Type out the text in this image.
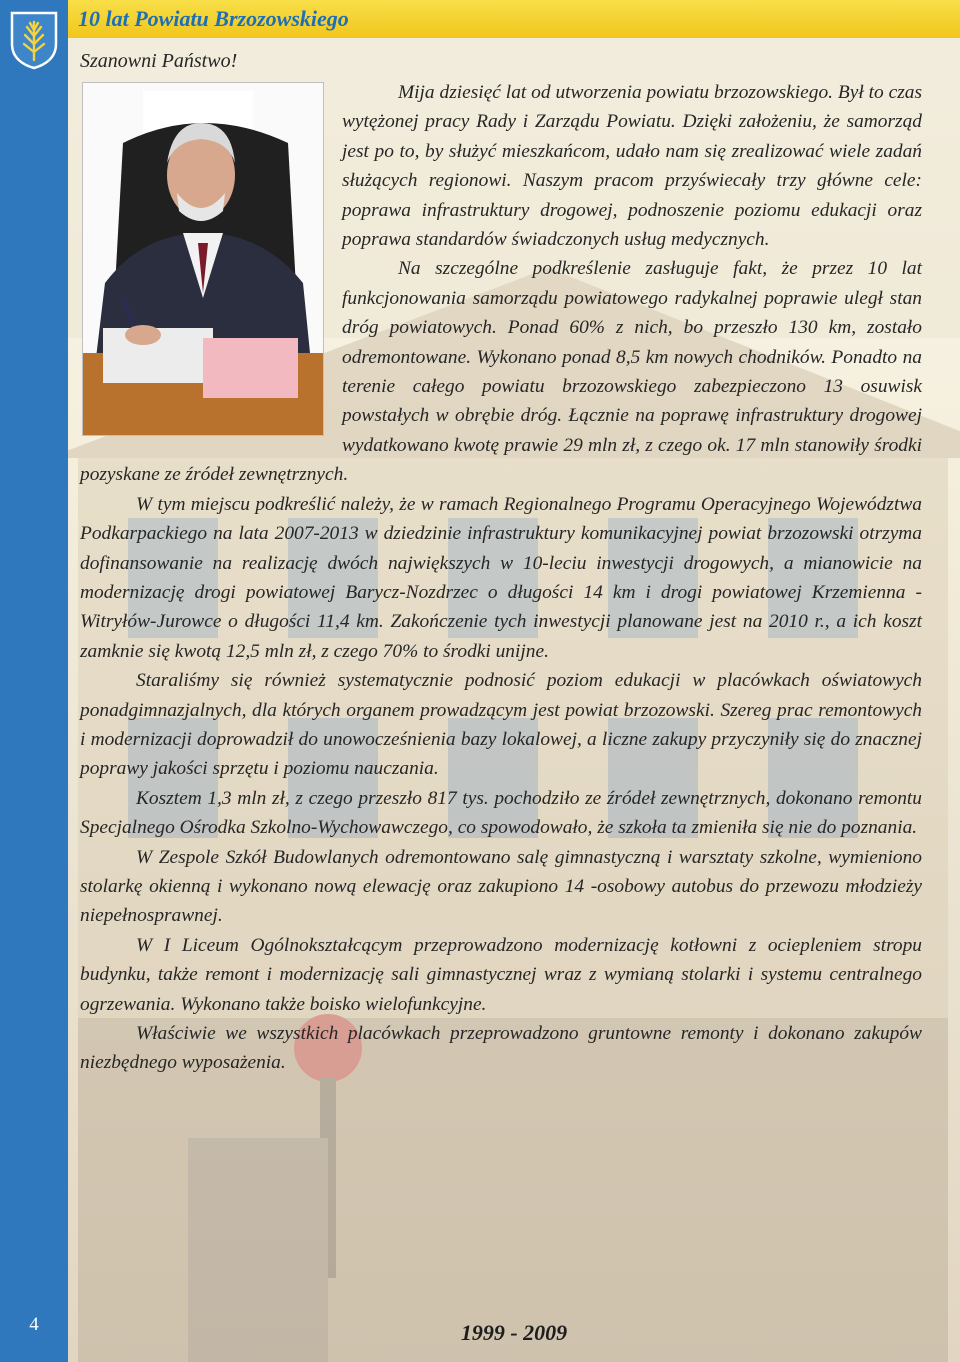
4
10 lat Powiatu Brzozowskiego
Szanowni Państwo!

Mija dziesięć lat od utworzenia powiatu brzozowskiego. Był to czas wytężonej pracy Rady i Zarządu Powiatu. Dzięki założeniu, że samorząd jest po to, by służyć mieszkańcom, udało nam się zrealizować wiele zadań służących regionowi. Naszym pracom przyświecały trzy główne cele: poprawa infrastruktury drogowej, podnoszenie poziomu edukacji oraz poprawa standardów świadczonych usług medycznych.

Na szczególne podkreślenie zasługuje fakt, że przez 10 lat funkcjonowania samorządu powiatowego radykalnej poprawie uległ stan dróg powiatowych. Ponad 60% z nich, bo przeszło 130 km, zostało odremontowane. Wykonano ponad 8,5 km nowych chodników. Ponadto na terenie całego powiatu brzozowskiego zabezpieczono 13 osuwisk powstałych w obrębie dróg. Łącznie na poprawę infrastruktury drogowej wydatkowano kwotę prawie 29 mln zł, z czego ok. 17 mln stanowiły środki pozyskane ze źródeł zewnętrznych.

W tym miejscu podkreślić należy, że w ramach Regionalnego Programu Operacyjnego Województwa Podkarpackiego na lata 2007-2013 w dziedzinie infrastruktury komunikacyjnej powiat brzozowski otrzyma dofinansowanie na realizację dwóch największych w 10-leciu inwestycji drogowych, a mianowicie na modernizację drogi powiatowej Barycz-Nozdrzec o długości 14 km i drogi powiatowej Krzemienna -Witryłów-Jurowce o długości 11,4 km. Zakończenie tych inwestycji planowane jest na 2010 r., a ich koszt zamknie się kwotą 12,5 mln zł, z czego 70% to środki unijne.

Staraliśmy się również systematycznie podnosić poziom edukacji w placówkach oświatowych ponadgimnazjalnych, dla których organem prowadzącym jest powiat brzozowski. Szereg prac remontowych i modernizacji doprowadził do unowocześnienia bazy lokalowej, a liczne zakupy przyczyniły się do znacznej poprawy jakości sprzętu i poziomu nauczania.

Kosztem 1,3 mln zł, z czego przeszło 817 tys. pochodziło ze źródeł zewnętrznych, dokonano remontu Specjalnego Ośrodka Szkolno-Wychowawczego, co spowodowało, że szkoła ta zmieniła się nie do poznania.

W Zespole Szkół Budowlanych odremontowano salę gimnastyczną i warsztaty szkolne, wymieniono stolarkę okienną i wykonano nową elewację oraz zakupiono 14 -osobowy autobus do przewozu młodzieży niepełnosprawnej.

W I Liceum Ogólnokształcącym przeprowadzono modernizację kotłowni z ociepleniem stropu budynku, także remont i modernizację sali gimnastycznej wraz z wymianą stolarki i systemu centralnego ogrzewania. Wykonano także boisko wielofunkcyjne.

Właściwie we wszystkich placówkach przeprowadzono gruntowne remonty i dokonano zakupów niezbędnego wyposażenia.

1999 - 2009
